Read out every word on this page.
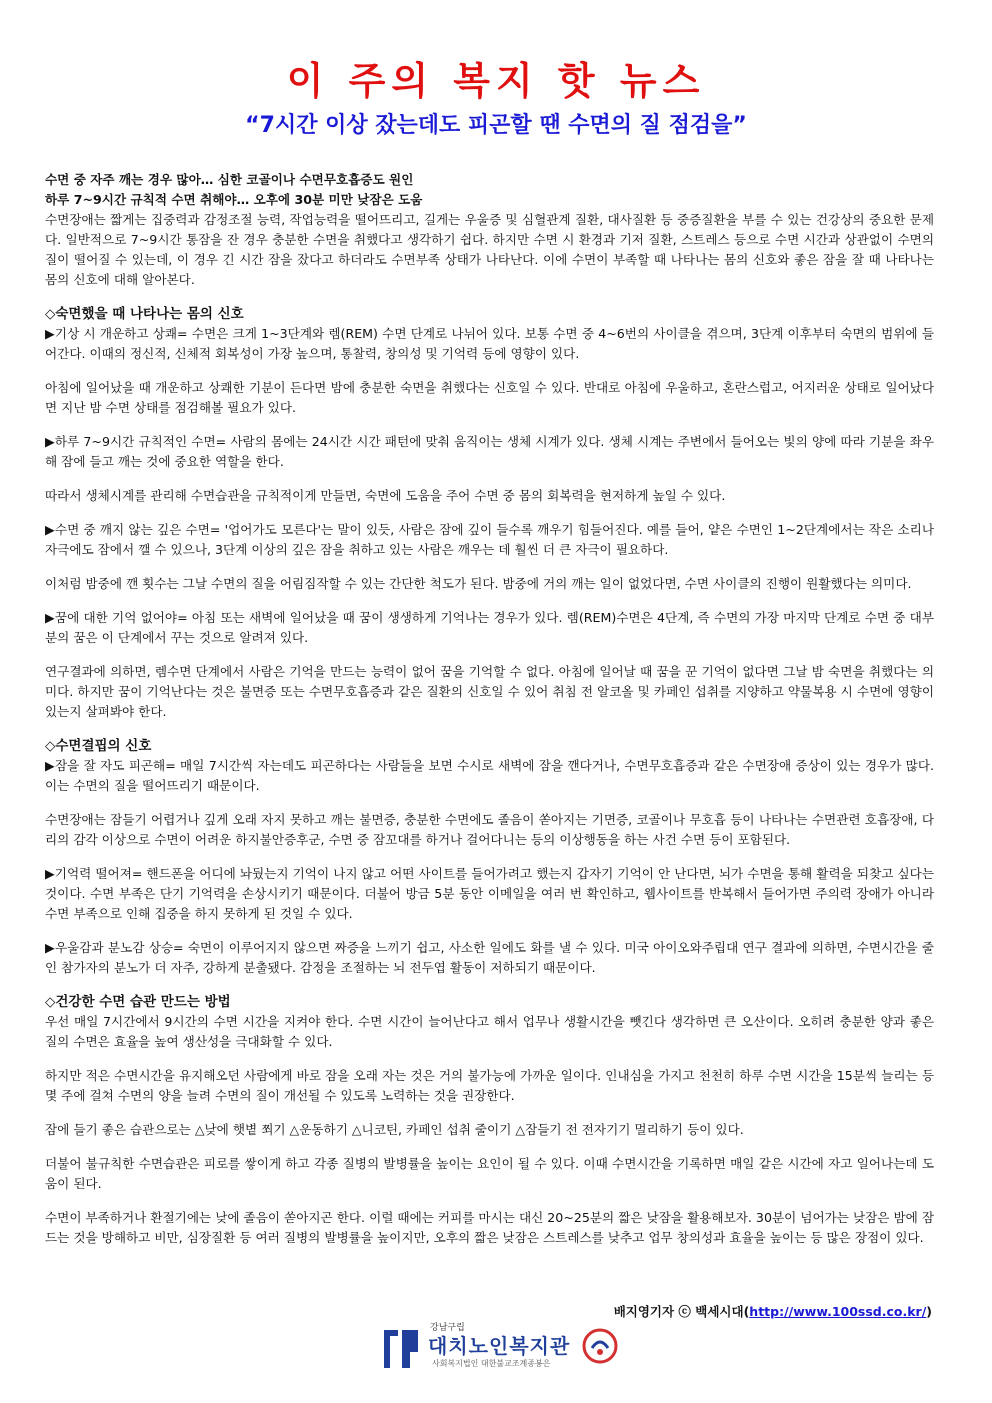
이 주의 복지 핫 뉴스
“7시간 이상 잤는데도 피곤할 땐 수면의 질 점검을”
수면 중 자주 깨는 경우 많아… 심한 코골이나 수면무호흡증도 원인
하루 7~9시간 규칙적 수면 취해야… 오후에 30분 미만 낮잠은 도움

수면장애는 짧게는 집중력과 감정조절 능력, 작업능력을 떨어뜨리고, 길게는 우울증 및 심혈관계 질환, 대사질환 등 중증질환을 부를 수 있는 건강상의 중요한 문제다. 일반적으로 7~9시간 통잠을 잔 경우 충분한 수면을 취했다고 생각하기 쉽다. 하지만 수면 시 환경과 기저 질환, 스트레스 등으로 수면 시간과 상관없이 수면의 질이 떨어질 수 있는데, 이 경우 긴 시간 잠을 잤다고 하더라도 수면부족 상태가 나타난다. 이에 수면이 부족할 때 나타나는 몸의 신호와 좋은 잠을 잘 때 나타나는 몸의 신호에 대해 알아본다.

◇숙면했을 때 나타나는 몸의 신호

▶기상 시 개운하고 상쾌= 수면은 크게 1~3단계와 렘(REM) 수면 단계로 나뉘어 있다. 보통 수면 중 4~6번의 사이클을 겪으며, 3단계 이후부터 숙면의 범위에 들어간다. 이때의 정신적, 신체적 회복성이 가장 높으며, 통찰력, 창의성 및 기억력 등에 영향이 있다.

아침에 일어났을 때 개운하고 상쾌한 기분이 든다면 밤에 충분한 숙면을 취했다는 신호일 수 있다. 반대로 아침에 우울하고, 혼란스럽고, 어지러운 상태로 일어났다면 지난 밤 수면 상태를 점검해볼 필요가 있다.

▶하루 7~9시간 규칙적인 수면= 사람의 몸에는 24시간 시간 패턴에 맞춰 움직이는 생체 시계가 있다. 생체 시계는 주변에서 들어오는 빛의 양에 따라 기분을 좌우해 잠에 들고 깨는 것에 중요한 역할을 한다.

따라서 생체시계를 관리해 수면습관을 규칙적이게 만들면, 숙면에 도움을 주어 수면 중 몸의 회복력을 현저하게 높일 수 있다.

▶수면 중 깨지 않는 깊은 수면= '업어가도 모른다'는 말이 있듯, 사람은 잠에 깊이 들수록 깨우기 힘들어진다. 예를 들어, 얕은 수면인 1~2단계에서는 작은 소리나 자극에도 잠에서 깰 수 있으나, 3단계 이상의 깊은 잠을 취하고 있는 사람은 깨우는 데 훨씬 더 큰 자극이 필요하다.

이처럼 밤중에 깬 횟수는 그날 수면의 질을 어림짐작할 수 있는 간단한 척도가 된다. 밤중에 거의 깨는 일이 없었다면, 수면 사이클의 진행이 원활했다는 의미다.

▶꿈에 대한 기억 없어야= 아침 또는 새벽에 일어났을 때 꿈이 생생하게 기억나는 경우가 있다. 렘(REM)수면은 4단계, 즉 수면의 가장 마지막 단계로 수면 중 대부분의 꿈은 이 단계에서 꾸는 것으로 알려져 있다.

연구결과에 의하면, 렘수면 단계에서 사람은 기억을 만드는 능력이 없어 꿈을 기억할 수 없다. 아침에 일어날 때 꿈을 꾼 기억이 없다면 그날 밤 숙면을 취했다는 의미다. 하지만 꿈이 기억난다는 것은 불면증 또는 수면무호흡증과 같은 질환의 신호일 수 있어 취침 전 알코올 및 카페인 섭취를 지양하고 약물복용 시 수면에 영향이 있는지 살펴봐야 한다.

◇수면결핍의 신호

▶잠을 잘 자도 피곤해= 매일 7시간씩 자는데도 피곤하다는 사람들을 보면 수시로 새벽에 잠을 깬다거나, 수면무호흡증과 같은 수면장애 증상이 있는 경우가 많다. 이는 수면의 질을 떨어뜨리기 때문이다.

수면장애는 잠들기 어렵거나 깊게 오래 자지 못하고 깨는 불면증, 충분한 수면에도 졸음이 쏟아지는 기면증, 코골이나 무호흡 등이 나타나는 수면관련 호흡장애, 다리의 감각 이상으로 수면이 어려운 하지불안증후군, 수면 중 잠꼬대를 하거나 걸어다니는 등의 이상행동을 하는 사건 수면 등이 포함된다.

▶기억력 떨어져= 핸드폰을 어디에 놔뒀는지 기억이 나지 않고 어떤 사이트를 들어가려고 했는지 갑자기 기억이 안 난다면, 뇌가 수면을 통해 활력을 되찾고 싶다는 것이다. 수면 부족은 단기 기억력을 손상시키기 때문이다. 더불어 방금 5분 동안 이메일을 여러 번 확인하고, 웹사이트를 반복해서 들어가면 주의력 장애가 아니라 수면 부족으로 인해 집중을 하지 못하게 된 것일 수 있다.

▶우울감과 분노감 상승= 숙면이 이루어지지 않으면 짜증을 느끼기 쉽고, 사소한 일에도 화를 낼 수 있다. 미국 아이오와주립대 연구 결과에 의하면, 수면시간을 줄인 참가자의 분노가 더 자주, 강하게 분출됐다. 감정을 조절하는 뇌 전두엽 활동이 저하되기 때문이다.

◇건강한 수면 습관 만드는 방법

우선 매일 7시간에서 9시간의 수면 시간을 지켜야 한다. 수면 시간이 늘어난다고 해서 업무나 생활시간을 뺏긴다 생각하면 큰 오산이다. 오히려 충분한 양과 좋은 질의 수면은 효율을 높여 생산성을 극대화할 수 있다.

하지만 적은 수면시간을 유지해오던 사람에게 바로 잠을 오래 자는 것은 거의 불가능에 가까운 일이다. 인내심을 가지고 천천히 하루 수면 시간을 15분씩 늘리는 등 몇 주에 걸쳐 수면의 양을 늘려 수면의 질이 개선될 수 있도록 노력하는 것을 권장한다.

잠에 들기 좋은 습관으로는 △낮에 햇볕 쬐기 △운동하기 △니코틴, 카페인 섭취 줄이기 △잠들기 전 전자기기 멀리하기 등이 있다.

더불어 불규칙한 수면습관은 피로를 쌓이게 하고 각종 질병의 발병률을 높이는 요인이 될 수 있다. 이때 수면시간을 기록하면 매일 같은 시간에 자고 일어나는데 도움이 된다.

수면이 부족하거나 환절기에는 낮에 졸음이 쏟아지곤 한다. 이럴 때에는 커피를 마시는 대신 20~25분의 짧은 낮잠을 활용해보자. 30분이 넘어가는 낮잠은 밤에 잠드는 것을 방해하고 비만, 심장질환 등 여러 질병의 발병률을 높이지만, 오후의 짧은 낮잠은 스트레스를 낮추고 업무 창의성과 효율을 높이는 등 많은 장점이 있다.

배지영기자 ⓒ 백세시대(http://www.100ssd.co.kr/)
강남구립
대치노인복지관
사회복지법인 대한불교조계종봉은
